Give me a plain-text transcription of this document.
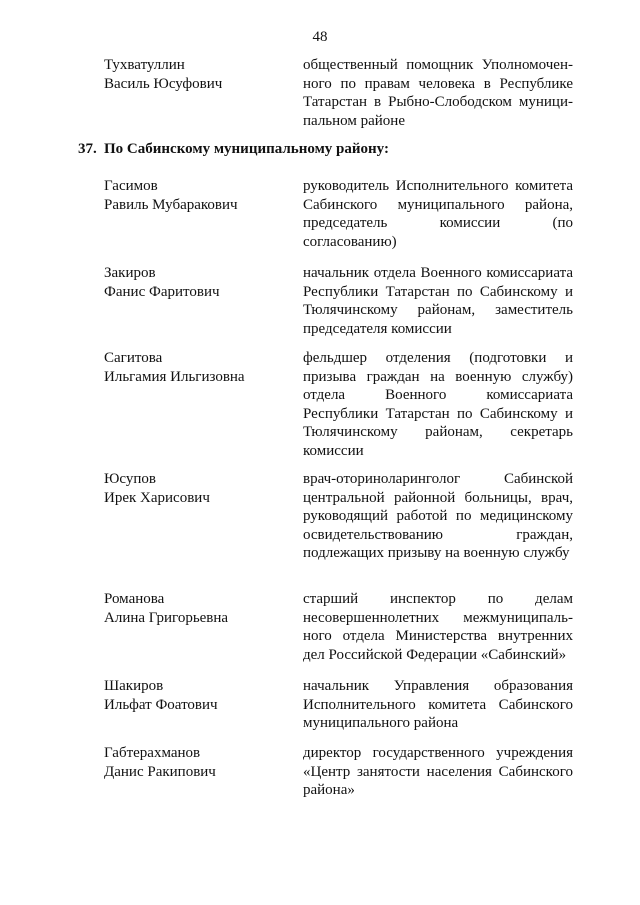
48
Тухватуллин
Василь Юсуфович
общественный помощник Уполномоченного по правам человека в Республике Татарстан в Рыбно-Слободском муниципальном районе
37. По Сабинскому муниципальному району:
Гасимов
Равиль Мубаракович
руководитель Исполнительного комитета Сабинского муниципального района, председатель комиссии (по согласованию)
Закиров
Фанис Фаритович
начальник отдела Военного комиссариата Республики Татарстан по Сабинскому и Тюлячинскому районам, заместитель председателя комиссии
Сагитова
Ильгамия Ильгизовна
фельдшер отделения (подготовки и призыва граждан на военную службу) отдела Военного комиссариата Республики Татарстан по Сабинскому и Тюлячинскому районам, секретарь комиссии
Юсупов
Ирек Харисович
врач-оториноларинголог Сабинской центральной районной больницы, врач, руководящий работой по медицинскому освидетельствованию граждан, подлежащих призыву на военную службу
Романова
Алина Григорьевна
старший инспектор по делам несовершеннолетних межмуниципального отдела Министерства внутренних дел Российской Федерации «Сабинский»
Шакиров
Ильфат Фоатович
начальник Управления образования Исполнительного комитета Сабинского муниципального района
Габтерахманов
Данис Ракипович
директор государственного учреждения «Центр занятости населения Сабинского района»
